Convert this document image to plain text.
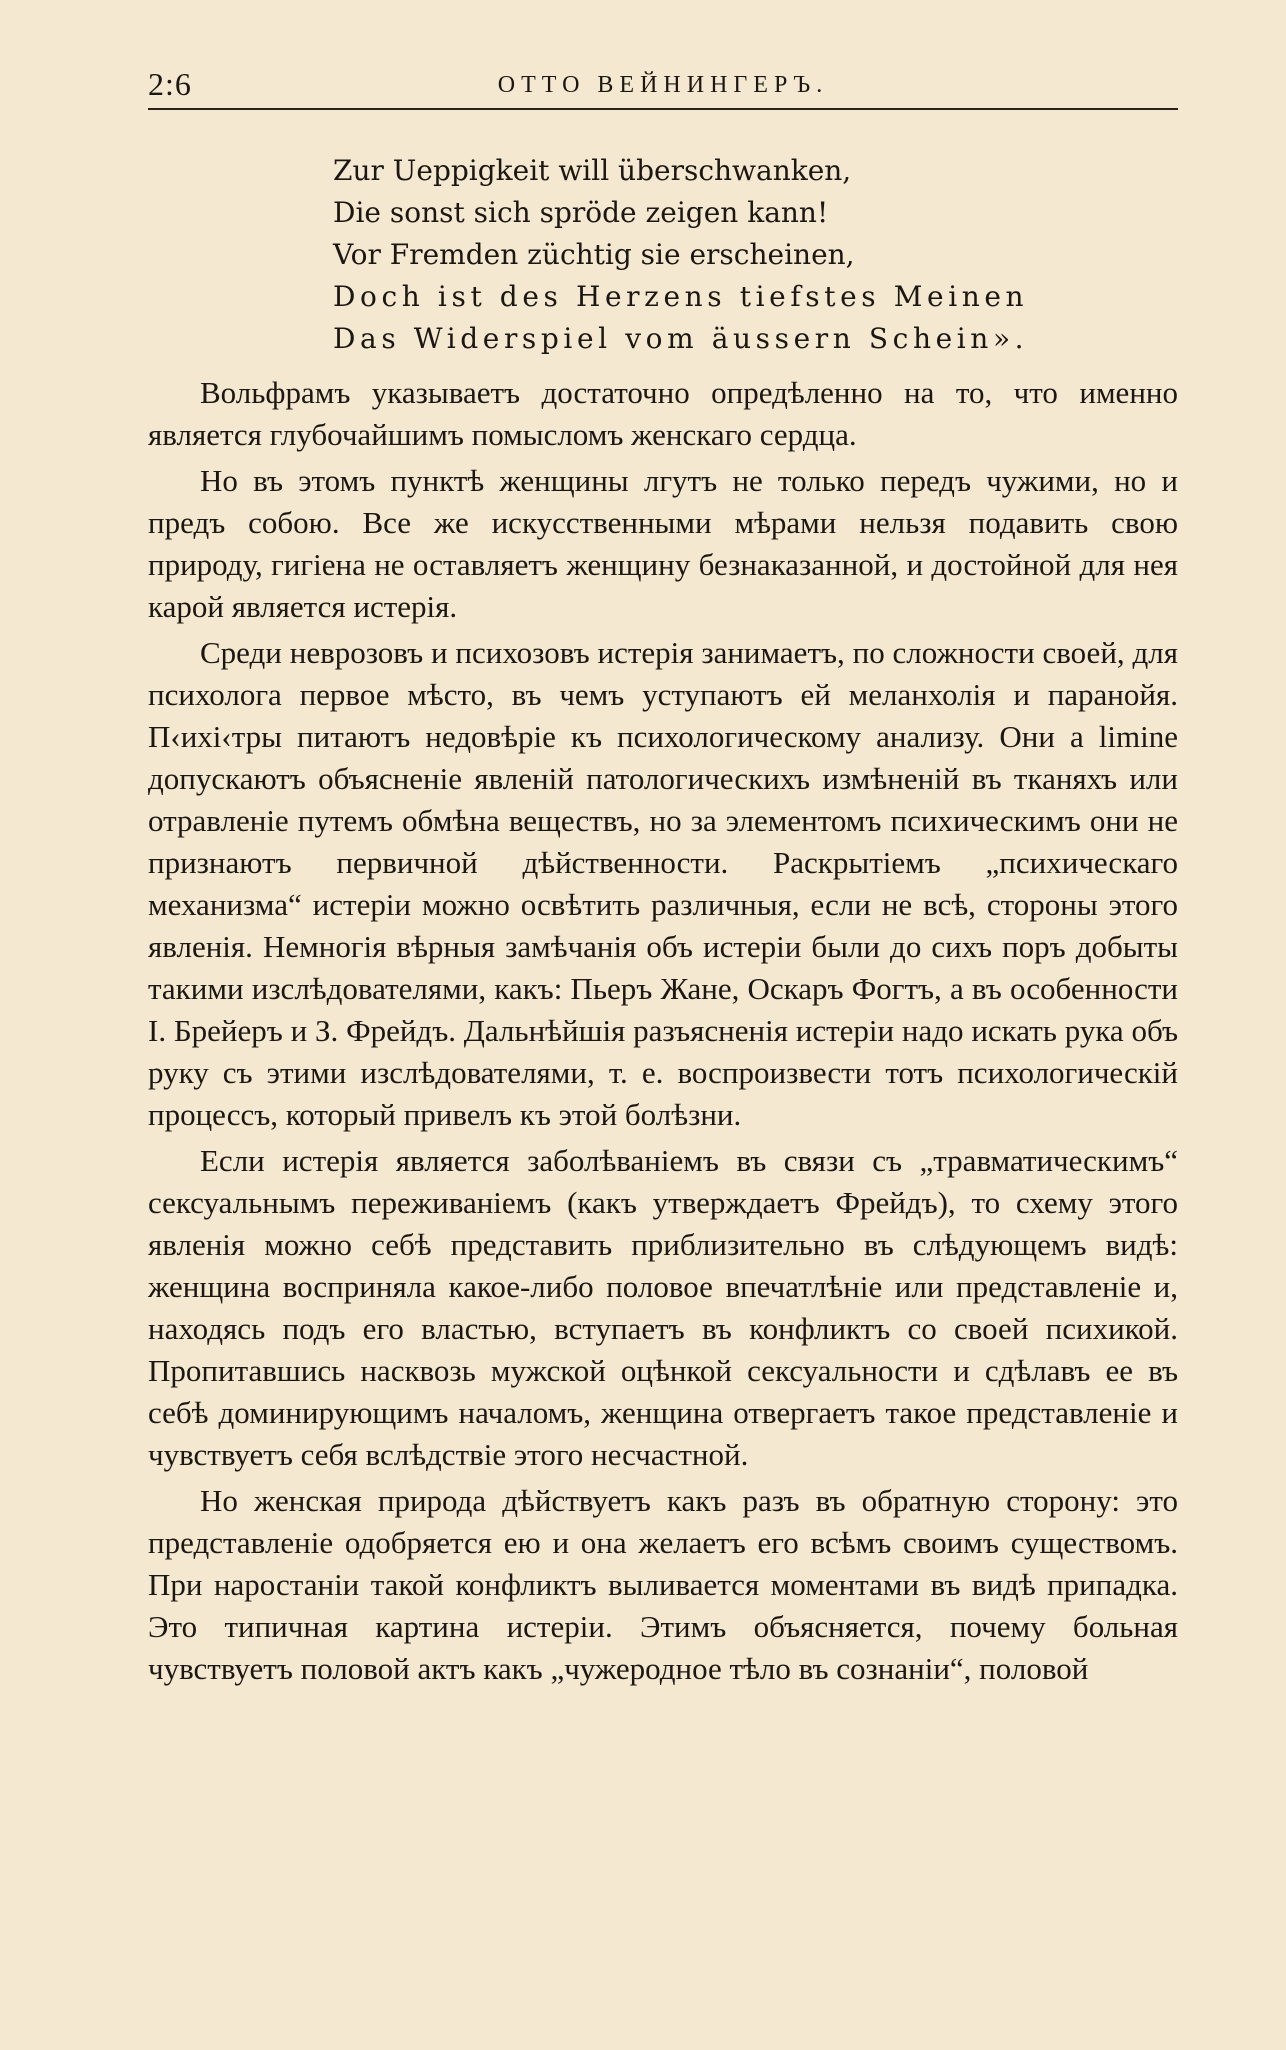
2:6	ОТТО ВЕЙНИНГЕРЪ.
Zur Ueppigkeit will überschwanken,
Die sonst sich spröde zeigen kann!
Vor Fremden züchtig sie erscheinen,
Doch ist des Herzens tiefstes Meinen
Das Widerspiel vom äussern Schein».

Вольфрамъ указываетъ достаточно опредѣленно на то, что именно является глубочайшимъ помысломъ женскаго сердца.

Но въ этомъ пунктѣ женщины лгутъ не только передъ чужими, но и предъ собою. Все же искусственными мѣрами нельзя подавить свою природу, гигіена не оставляетъ женщину безнаказанной, и достойной для нея карой является истерія.

Среди неврозовъ и психозовъ истерія занимаетъ, по сложности своей, для психолога первое мѣсто, въ чемъ уступаютъ ей меланхолія и паранойя. П‹ихі‹тры питаютъ недовѣріе къ психологическому анализу. Они a limine допускаютъ объясненіе явленій патологическихъ измѣненій въ тканяхъ или отравленіе путемъ обмѣна веществъ, но за элементомъ психическимъ они не признаютъ первичной дѣйственности. Раскрытіемъ „психическаго механизма“ истеріи можно освѣтить различныя, если не всѣ, стороны этого явленія. Немногія вѣрныя замѣчанія объ истеріи были до сихъ поръ добыты такими изслѣдователями, какъ: Пьеръ Жане, Оскаръ Фогтъ, а въ особенности І. Брейеръ и З. Фрейдъ. Дальнѣйшія разъясненія истеріи надо искать рука объ руку съ этими изслѣдователями, т. е. воспроизвести тотъ психологическій процессъ, который привелъ къ этой болѣзни.

Если истерія является заболѣваніемъ въ связи съ „травматическимъ“ сексуальнымъ переживаніемъ (какъ утверждаетъ Фрейдъ), то схему этого явленія можно себѣ представить приблизительно въ слѣдующемъ видѣ: женщина восприняла какое-либо половое впечатлѣніе или представленіе и, находясь подъ его властью, вступаетъ въ конфликтъ со своей психикой. Пропитавшись насквозь мужской оцѣнкой сексуальности и сдѣлавъ ее въ себѣ доминирующимъ началомъ, женщина отвергаетъ такое представленіе и чувствуетъ себя вслѣдствіе этого несчастной.

Но женская природа дѣйствуетъ какъ разъ въ обратную сторону: это представленіе одобряется ею и она желаетъ его всѣмъ своимъ существомъ. При наростаніи такой конфликтъ выливается моментами въ видѣ припадка. Это типичная картина истеріи. Этимъ объясняется, почему больная чувствуетъ половой актъ какъ „чужеродное тѣло въ сознаніи“, половой
